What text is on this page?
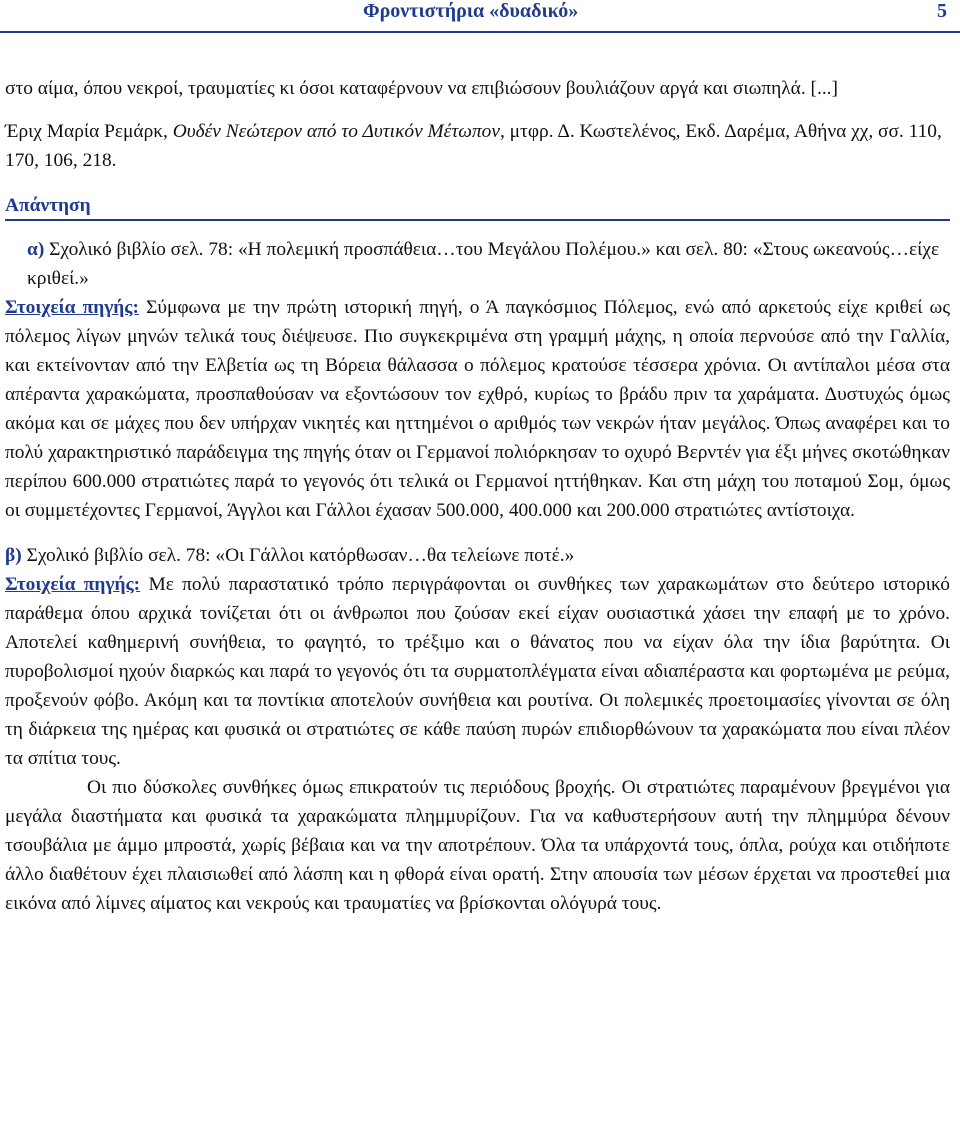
Φροντιστήρια «δυαδικό»	5

στο αίμα, όπου νεκροί, τραυματίες κι όσοι καταφέρνουν να επιβιώσουν βουλιάζουν αργά και σιωπηλά. [...]

Έριχ Μαρία Ρεμάρκ, Ουδέν Νεώτερον από το Δυτικόν Μέτωπον, μτφρ. Δ. Κωστελένος, Εκδ. Δαρέμα, Αθήνα χχ, σσ. 110, 170, 106, 218.

Απάντηση

α) Σχολικό βιβλίο σελ. 78: «Η πολεμική προσπάθεια…του Μεγάλου Πολέμου.» και σελ. 80: «Στους ωκεανούς…είχε κριθεί.»

Στοιχεία πηγής: Σύμφωνα με την πρώτη ιστορική πηγή, ο Ά παγκόσμιος Πόλεμος, ενώ από αρκετούς είχε κριθεί ως πόλεμος λίγων μηνών τελικά τους διέψευσε. Πιο συγκεκριμένα στη γραμμή μάχης, η οποία περνούσε από την Γαλλία, και εκτείνονταν από την Ελβετία ως τη Βόρεια θάλασσα ο πόλεμος κρατούσε τέσσερα χρόνια. Οι αντίπαλοι μέσα στα απέραντα χαρακώματα, προσπαθούσαν να εξοντώσουν τον εχθρό, κυρίως το βράδυ πριν τα χαράματα. Δυστυχώς όμως ακόμα και σε μάχες που δεν υπήρχαν νικητές και ηττημένοι ο αριθμός των νεκρών ήταν μεγάλος. Όπως αναφέρει και το πολύ χαρακτηριστικό παράδειγμα της πηγής όταν οι Γερμανοί πολιόρκησαν το οχυρό Βερντέν για έξι μήνες σκοτώθηκαν περίπου 600.000 στρατιώτες παρά το γεγονός ότι τελικά οι Γερμανοί ηττήθηκαν. Και στη μάχη του ποταμού Σομ, όμως οι συμμετέχοντες Γερμανοί, Άγγλοι και Γάλλοι έχασαν 500.000, 400.000 και 200.000 στρατιώτες αντίστοιχα.

β) Σχολικό βιβλίο σελ. 78: «Οι Γάλλοι κατόρθωσαν…θα τελείωνε ποτέ.»

Στοιχεία πηγής: Με πολύ παραστατικό τρόπο περιγράφονται οι συνθήκες των χαρακωμάτων στο δεύτερο ιστορικό παράθεμα όπου αρχικά τονίζεται ότι οι άνθρωποι που ζούσαν εκεί είχαν ουσιαστικά χάσει την επαφή με το χρόνο. Αποτελεί καθημερινή συνήθεια, το φαγητό, το τρέξιμο και ο θάνατος που να είχαν όλα την ίδια βαρύτητα. Οι πυροβολισμοί ηχούν διαρκώς και παρά το γεγονός ότι τα συρματοπλέγματα είναι αδιαπέραστα και φορτωμένα με ρεύμα, προξενούν φόβο. Ακόμη και τα ποντίκια αποτελούν συνήθεια και ρουτίνα. Οι πολεμικές προετοιμασίες γίνονται σε όλη τη διάρκεια της ημέρας και φυσικά οι στρατιώτες σε κάθε παύση πυρών επιδιορθώνουν τα χαρακώματα που είναι πλέον τα σπίτια τους.

Οι πιο δύσκολες συνθήκες όμως επικρατούν τις περιόδους βροχής. Οι στρατιώτες παραμένουν βρεγμένοι για μεγάλα διαστήματα και φυσικά τα χαρακώματα πλημμυρίζουν. Για να καθυστερήσουν αυτή την πλημμύρα δένουν τσουβάλια με άμμο μπροστά, χωρίς βέβαια και να την αποτρέπουν. Όλα τα υπάρχοντά τους, όπλα, ρούχα και οτιδήποτε άλλο διαθέτουν έχει πλαισιωθεί από λάσπη και η φθορά είναι ορατή. Στην απουσία των μέσων έρχεται να προστεθεί μια εικόνα από λίμνες αίματος και νεκρούς και τραυματίες να βρίσκονται ολόγυρά τους.
